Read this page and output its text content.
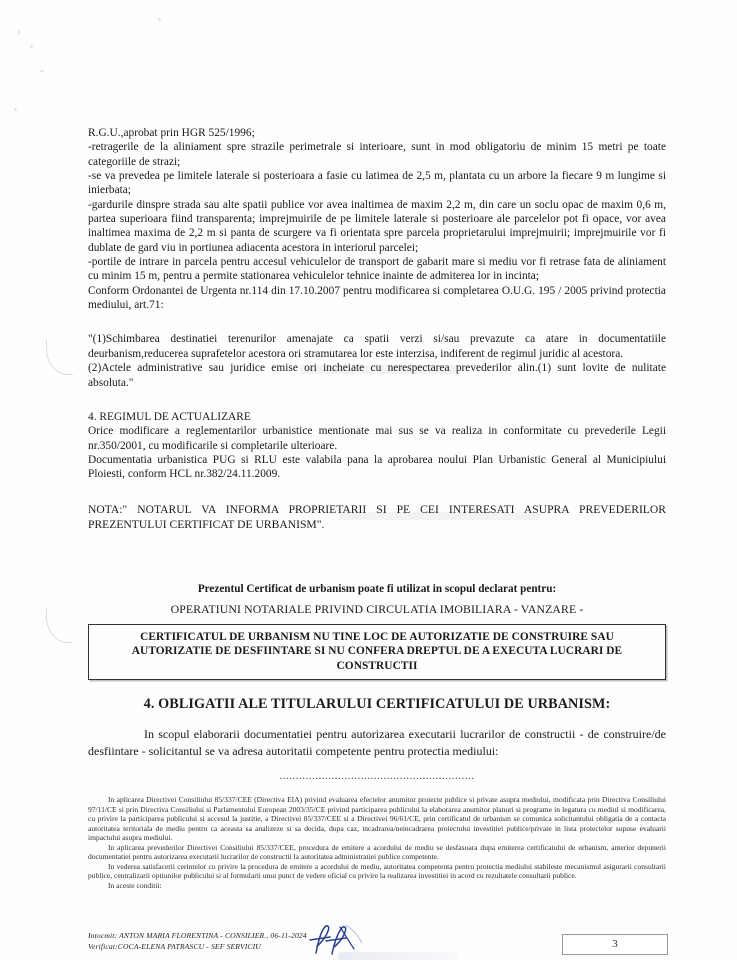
R.G.U.,aprobat prin HGR 525/1996;

-retragerile de la aliniament spre strazile perimetrale si interioare, sunt in mod obligatoriu de minim 15 metri pe toate categoriile de strazi;

-se va prevedea pe limitele laterale si posterioara a fasie cu latimea de 2,5 m, plantata cu un arbore la fiecare 9 m lungime si inierbata;

-gardurile dinspre strada sau alte spatii publice vor avea inaltimea de maxim 2,2 m, din care un soclu opac de maxim 0,6 m, partea superioara fiind transparenta; imprejmuirile de pe limitele laterale si posterioare ale parcelelor pot fi opace, vor avea inaltimea maxima de 2,2 m si panta de scurgere va fi orientata spre parcela proprietarului imprejmuirii; imprejmuirile vor fi dublate de gard viu in portiunea adiacenta acestora in interiorul parcelei;

-portile de intrare in parcela pentru accesul vehiculelor de transport de gabarit mare si mediu vor fi retrase fata de aliniament cu minim 15 m, pentru a permite stationarea vehiculelor tehnice inainte de admiterea lor in incinta;

Conform Ordonantei de Urgenta nr.114 din 17.10.2007 pentru modificarea si completarea O.U.G. 195 / 2005 privind protectia mediului, art.71:

"(1)Schimbarea destinatiei terenurilor amenajate ca spatii verzi si/sau prevazute ca atare in documentatiile deurbanism,reducerea suprafetelor acestora ori stramutarea lor este interzisa, indiferent de regimul juridic al acestora.

(2)Actele administrative sau juridice emise ori incheiate cu nerespectarea prevederilor alin.(1) sunt lovite de nulitate absoluta."

4. REGIMUL DE ACTUALIZARE

Orice modificare a reglementarilor urbanistice mentionate mai sus se va realiza in conformitate cu prevederile Legii nr.350/2001, cu modificarile si completarile ulterioare.

Documentatia urbanistica PUG si RLU este valabila pana la aprobarea noului Plan Urbanistic General al Municipiului Ploiesti, conform HCL nr.382/24.11.2009.

NOTA:" NOTARUL VA INFORMA PROPRIETARII SI PE CEI INTERESATI ASUPRA PREVEDERILOR PREZENTULUI CERTIFICAT DE URBANISM".

Prezentul Certificat de urbanism poate fi utilizat in scopul declarat pentru:

OPERATIUNI NOTARIALE PRIVIND CIRCULATIA IMOBILIARA - VANZARE -

CERTIFICATUL DE URBANISM NU TINE LOC DE AUTORIZATIE DE CONSTRUIRE SAU AUTORIZATIE DE DESFIINTARE SI NU CONFERA DREPTUL DE A EXECUTA LUCRARI DE CONSTRUCTII

4. OBLIGATII ALE TITULARULUI CERTIFICATULUI DE URBANISM:

In scopul elaborarii documentatiei pentru autorizarea executarii lucrarilor de constructii - de construire/de desfiintare - solicitantul se va adresa autoritatii competente pentru protectia mediului:

............................................................

In aplicarea Directivei Consiliului 85/337/CEE (Directiva EIA) privind evaluarea efectelor anumitor proiecte publice si private asupra mediului, modificata prin Directiva Consiliului 97/11/CE si prin Directiva Consiliului si Parlamentului European 2003/35/CE privind participarea publicului la elaborarea anumitor planuri si programe in legatura cu mediul si modificarea, cu privire la participarea publicului si accesul la justitie, a Directivei 85/337/CEE si a Directivei 96/61/CE, prin certificatul de urbanism se comunica solicitantului obligatia de a contacta autoritatea teritoriala de mediu pentru ca aceasta sa analizeze si sa decida, dupa caz, incadrarea/neincadrarea proiectului investitiei publice/private in lista proiectelor supuse evaluarii impactului asupra mediului.

In aplicarea prevederilor Directivei Consiliului 85/337/CEE, procedura de emitere a acordului de mediu se desfasoara dupa emiterea certificatului de urbanism, anterior depunerii documentatiei pentru autorizarea executarii lucrarilor de constructii la autoritatea administratiei publice competente.

In vederea satisfacerii cerintelor cu privire la procedura de emitere a acordului de mediu, autoritatea competenta pentru protectia mediului stabileste mecanismul asigurarii consultarii publice, centralizarii optiunilor publicului si al formularii unui punct de vedere oficial cu privire la realizarea investitiei in acord cu rezultatele consultarii publice.

In aceste conditii:

Intocmit: ANTON MARIA FLORENTINA - CONSILIER., 06-11-2024
Verificat:COCA-ELENA PATRASCU - SEF SERVICIU	3
